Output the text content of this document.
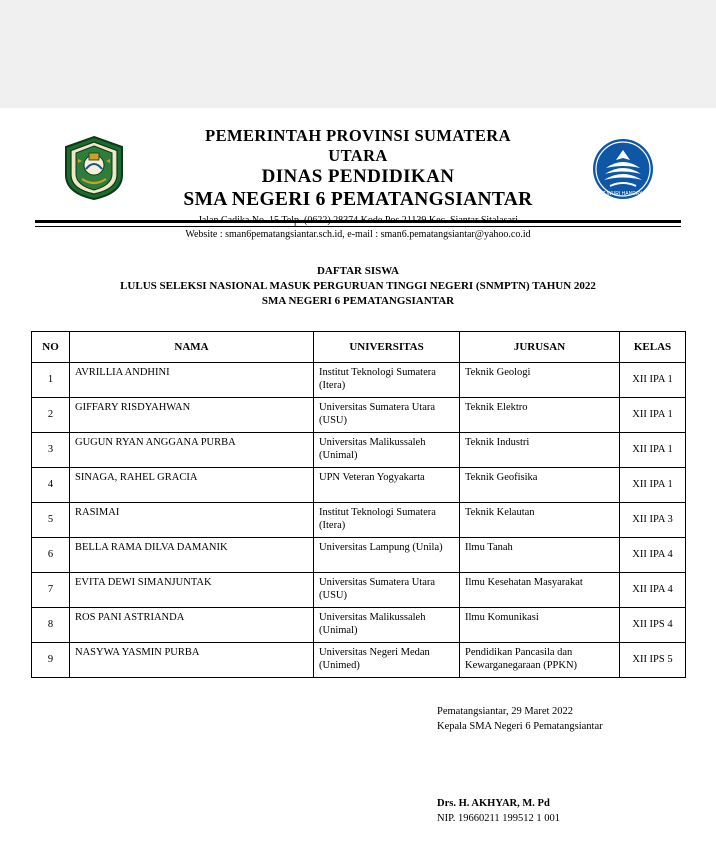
TUT WURI HANDAYANI
PEMERINTAH PROVINSI SUMATERA UTARA
DINAS PENDIDIKAN
SMA NEGERI 6 PEMATANGSIANTAR
Website : sman6pematangsiantar.sch.id, e-mail : sman6.pematangsiantar@yahoo.co.id
DAFTAR SISWA
LULUS SELEKSI NASIONAL MASUK PERGURUAN TINGGI NEGERI (SNMPTN) TAHUN 2022
SMA NEGERI 6 PEMATANGSIANTAR
NO	NAMA	UNIVERSITAS	JURUSAN	KELAS
1	AVRILLIA ANDHINI	Institut Teknologi Sumatera (Itera)	Teknik Geologi	XII IPA 1
2	GIFFARY RISDYAHWAN	Universitas Sumatera Utara (USU)	Teknik Elektro	XII IPA 1
3	GUGUN RYAN ANGGANA PURBA	Universitas Malikussaleh (Unimal)	Teknik Industri	XII IPA 1
4	SINAGA, RAHEL GRACIA	UPN Veteran Yogyakarta	Teknik Geofisika	XII IPA 1
5	RASIMAI	Institut Teknologi Sumatera (Itera)	Teknik Kelautan	XII IPA 3
6	BELLA RAMA DILVA DAMANIK	Universitas Lampung (Unila)	Ilmu Tanah	XII IPA 4
7	EVITA DEWI SIMANJUNTAK	Universitas Sumatera Utara (USU)	Ilmu Kesehatan Masyarakat	XII IPA 4
8	ROS PANI ASTRIANDA	Universitas Malikussaleh (Unimal)	Ilmu Komunikasi	XII IPS 4
9	NASYWA YASMIN PURBA	Universitas Negeri Medan (Unimed)	Pendidikan Pancasila dan Kewarganegaraan (PPKN)	XII IPS 5
Pematangsiantar, 29 Maret 2022
Kepala SMA Negeri 6 Pematangsiantar
Drs. H. AKHYAR, M. Pd
NIP. 19660211 199512 1 001
